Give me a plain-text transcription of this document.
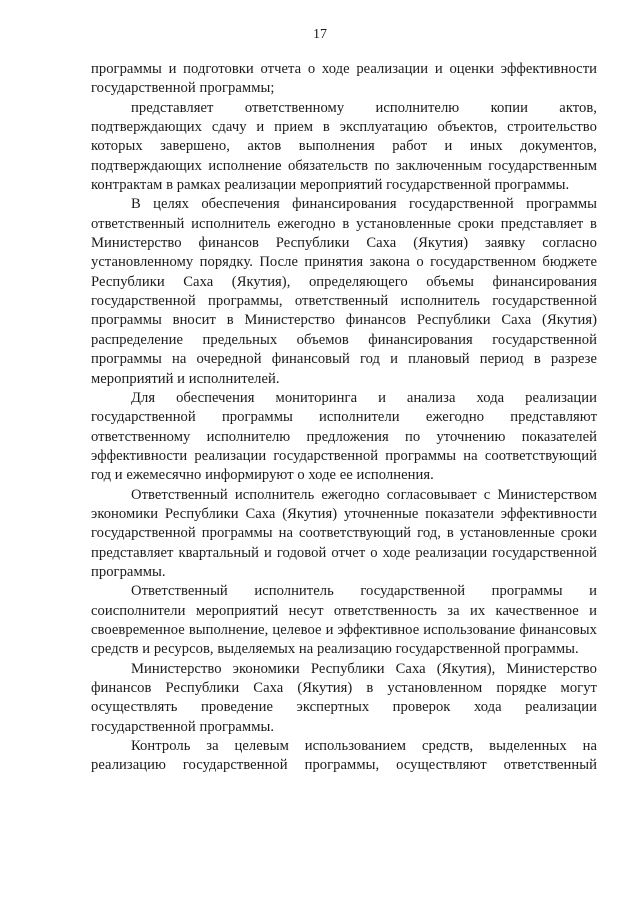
17

программы и подготовки отчета о ходе реализации и оценки эффективности государственной программы;

представляет ответственному исполнителю копии актов, подтверждающих сдачу и прием в эксплуатацию объектов, строительство которых завершено, актов выполнения работ и иных документов, подтверждающих исполнение обязательств по заключенным государственным контрактам в рамках реализации мероприятий государственной программы.

В целях обеспечения финансирования государственной программы ответственный исполнитель ежегодно в установленные сроки представляет в Министерство финансов Республики Саха (Якутия) заявку согласно установленному порядку. После принятия закона о государственном бюджете Республики Саха (Якутия), определяющего объемы финансирования государственной программы, ответственный исполнитель государственной программы вносит в Министерство финансов Республики Саха (Якутия) распределение предельных объемов финансирования государственной программы на очередной финансовый год и плановый период в разрезе мероприятий и исполнителей.

Для обеспечения мониторинга и анализа хода реализации государственной программы исполнители ежегодно представляют ответственному исполнителю предложения по уточнению показателей эффективности реализации государственной программы на соответствующий год и ежемесячно информируют о ходе ее исполнения.

Ответственный исполнитель ежегодно согласовывает с Министерством экономики Республики Саха (Якутия) уточненные показатели эффективности государственной программы на соответствующий год, в установленные сроки представляет квартальный и годовой отчет о ходе реализации государственной программы.

Ответственный исполнитель государственной программы и соисполнители мероприятий несут ответственность за их качественное и своевременное выполнение, целевое и эффективное использование финансовых средств и ресурсов, выделяемых на реализацию государственной программы.

Министерство экономики Республики Саха (Якутия), Министерство финансов Республики Саха (Якутия) в установленном порядке могут осуществлять проведение экспертных проверок хода реализации государственной программы.

Контроль за целевым использованием средств, выделенных на реализацию государственной программы, осуществляют ответственный
